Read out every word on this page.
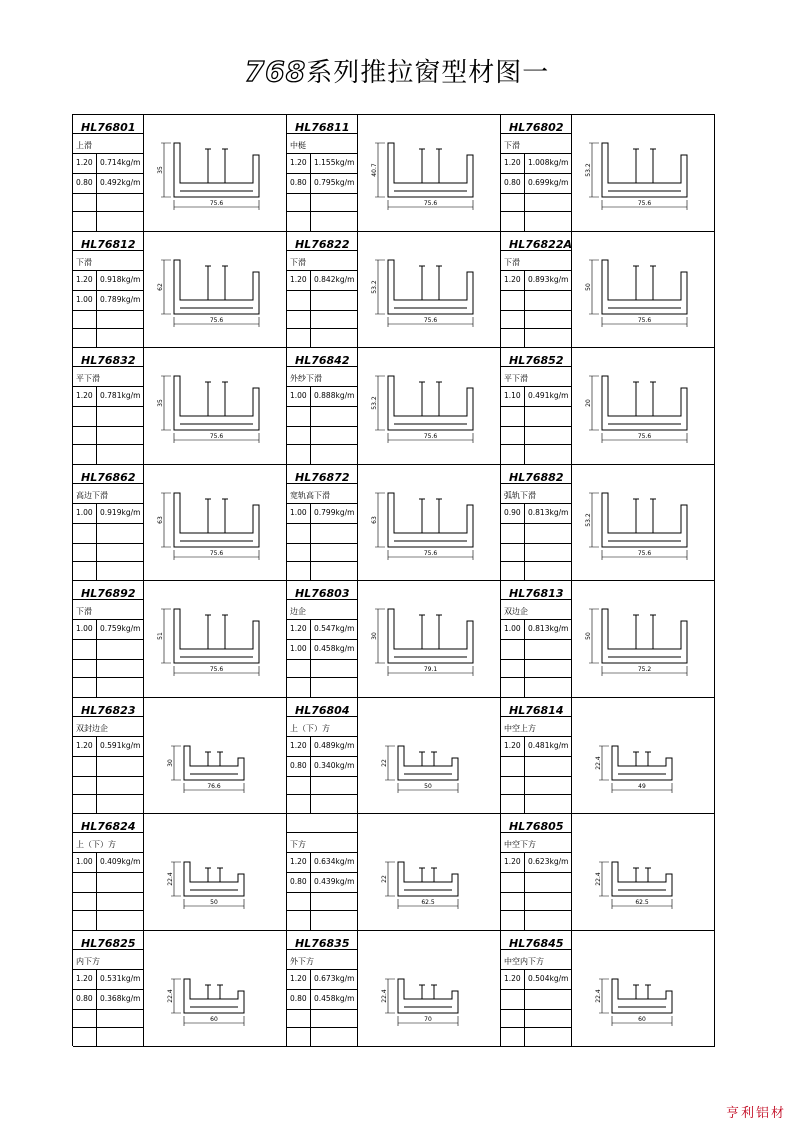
768系列推拉窗型材图一
HL76801
上滑
1.20 0.714kg/m
0.80 0.492kg/m
75.6
35
HL76811
中梃
1.20 1.155kg/m
0.80 0.795kg/m
75.6
40.7
HL76802
下滑
1.20 1.008kg/m
0.80 0.699kg/m
75.6
53.2
HL76812
下滑
1.20 0.918kg/m
1.00 0.789kg/m
75.6
62
HL76822
下滑
1.20 0.842kg/m
75.6
53.2
HL76822A
下滑
1.20 0.893kg/m
75.6
50
HL76832
平下滑
1.20 0.781kg/m
75.6
35
HL76842
外纱下滑
1.00 0.888kg/m
75.6
53.2
HL76852
平下滑
1.10 0.491kg/m
75.6
20
HL76862
高边下滑
1.00 0.919kg/m
75.6
63
HL76872
宽轨高下滑
1.00 0.799kg/m
75.6
63
HL76882
弧轨下滑
0.90 0.813kg/m
75.6
53.2
HL76892
下滑
1.00 0.759kg/m
75.6
51
HL76803
边企
1.20 0.547kg/m
1.00 0.458kg/m
79.1
30
HL76813
双边企
1.00 0.813kg/m
75.2
50
HL76823
双封边企
1.20 0.591kg/m
76.6
30
HL76804
上（下）方
1.20 0.489kg/m
0.80 0.340kg/m
50
22
HL76814
中空上方
1.20 0.481kg/m
49
22.4
HL76824
上（下）方
1.00 0.409kg/m
50
22.4
下方
1.20 0.634kg/m
0.80 0.439kg/m
62.5
22
HL76805
中空下方
1.20 0.623kg/m
62.5
22.4
HL76825
内下方
1.20 0.531kg/m
0.80 0.368kg/m
60
22.4
HL76835
外下方
1.20 0.673kg/m
0.80 0.458kg/m
70
22.4
HL76845
中空内下方
1.20 0.504kg/m
60
22.4
亨利铝材
